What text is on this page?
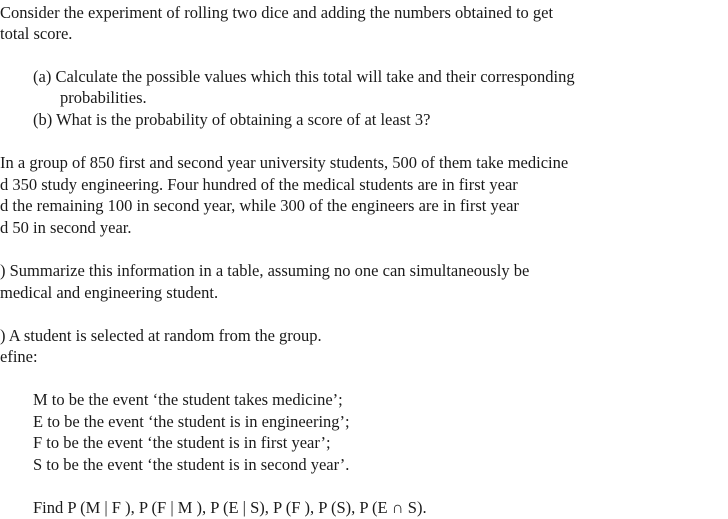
Consider the experiment of rolling two dice and adding the numbers obtained to get
total score.
(a) Calculate the possible values which this total will take and their corresponding
probabilities.
(b) What is the probability of obtaining a score of at least 3?
In a group of 850 first and second year university students, 500 of them take medicine
d 350 study engineering. Four hundred of the medical students are in first year
d the remaining 100 in second year, while 300 of the engineers are in first year
d 50 in second year.
) Summarize this information in a table, assuming no one can simultaneously be
medical and engineering student.
) A student is selected at random from the group.
efine:
M to be the event ‘the student takes medicine’;
E to be the event ‘the student is in engineering’;
F to be the event ‘the student is in first year’;
S to be the event ‘the student is in second year’.
Find P (M | F ), P (F | M ), P (E | S), P (F ), P (S), P (E ∩ S).
